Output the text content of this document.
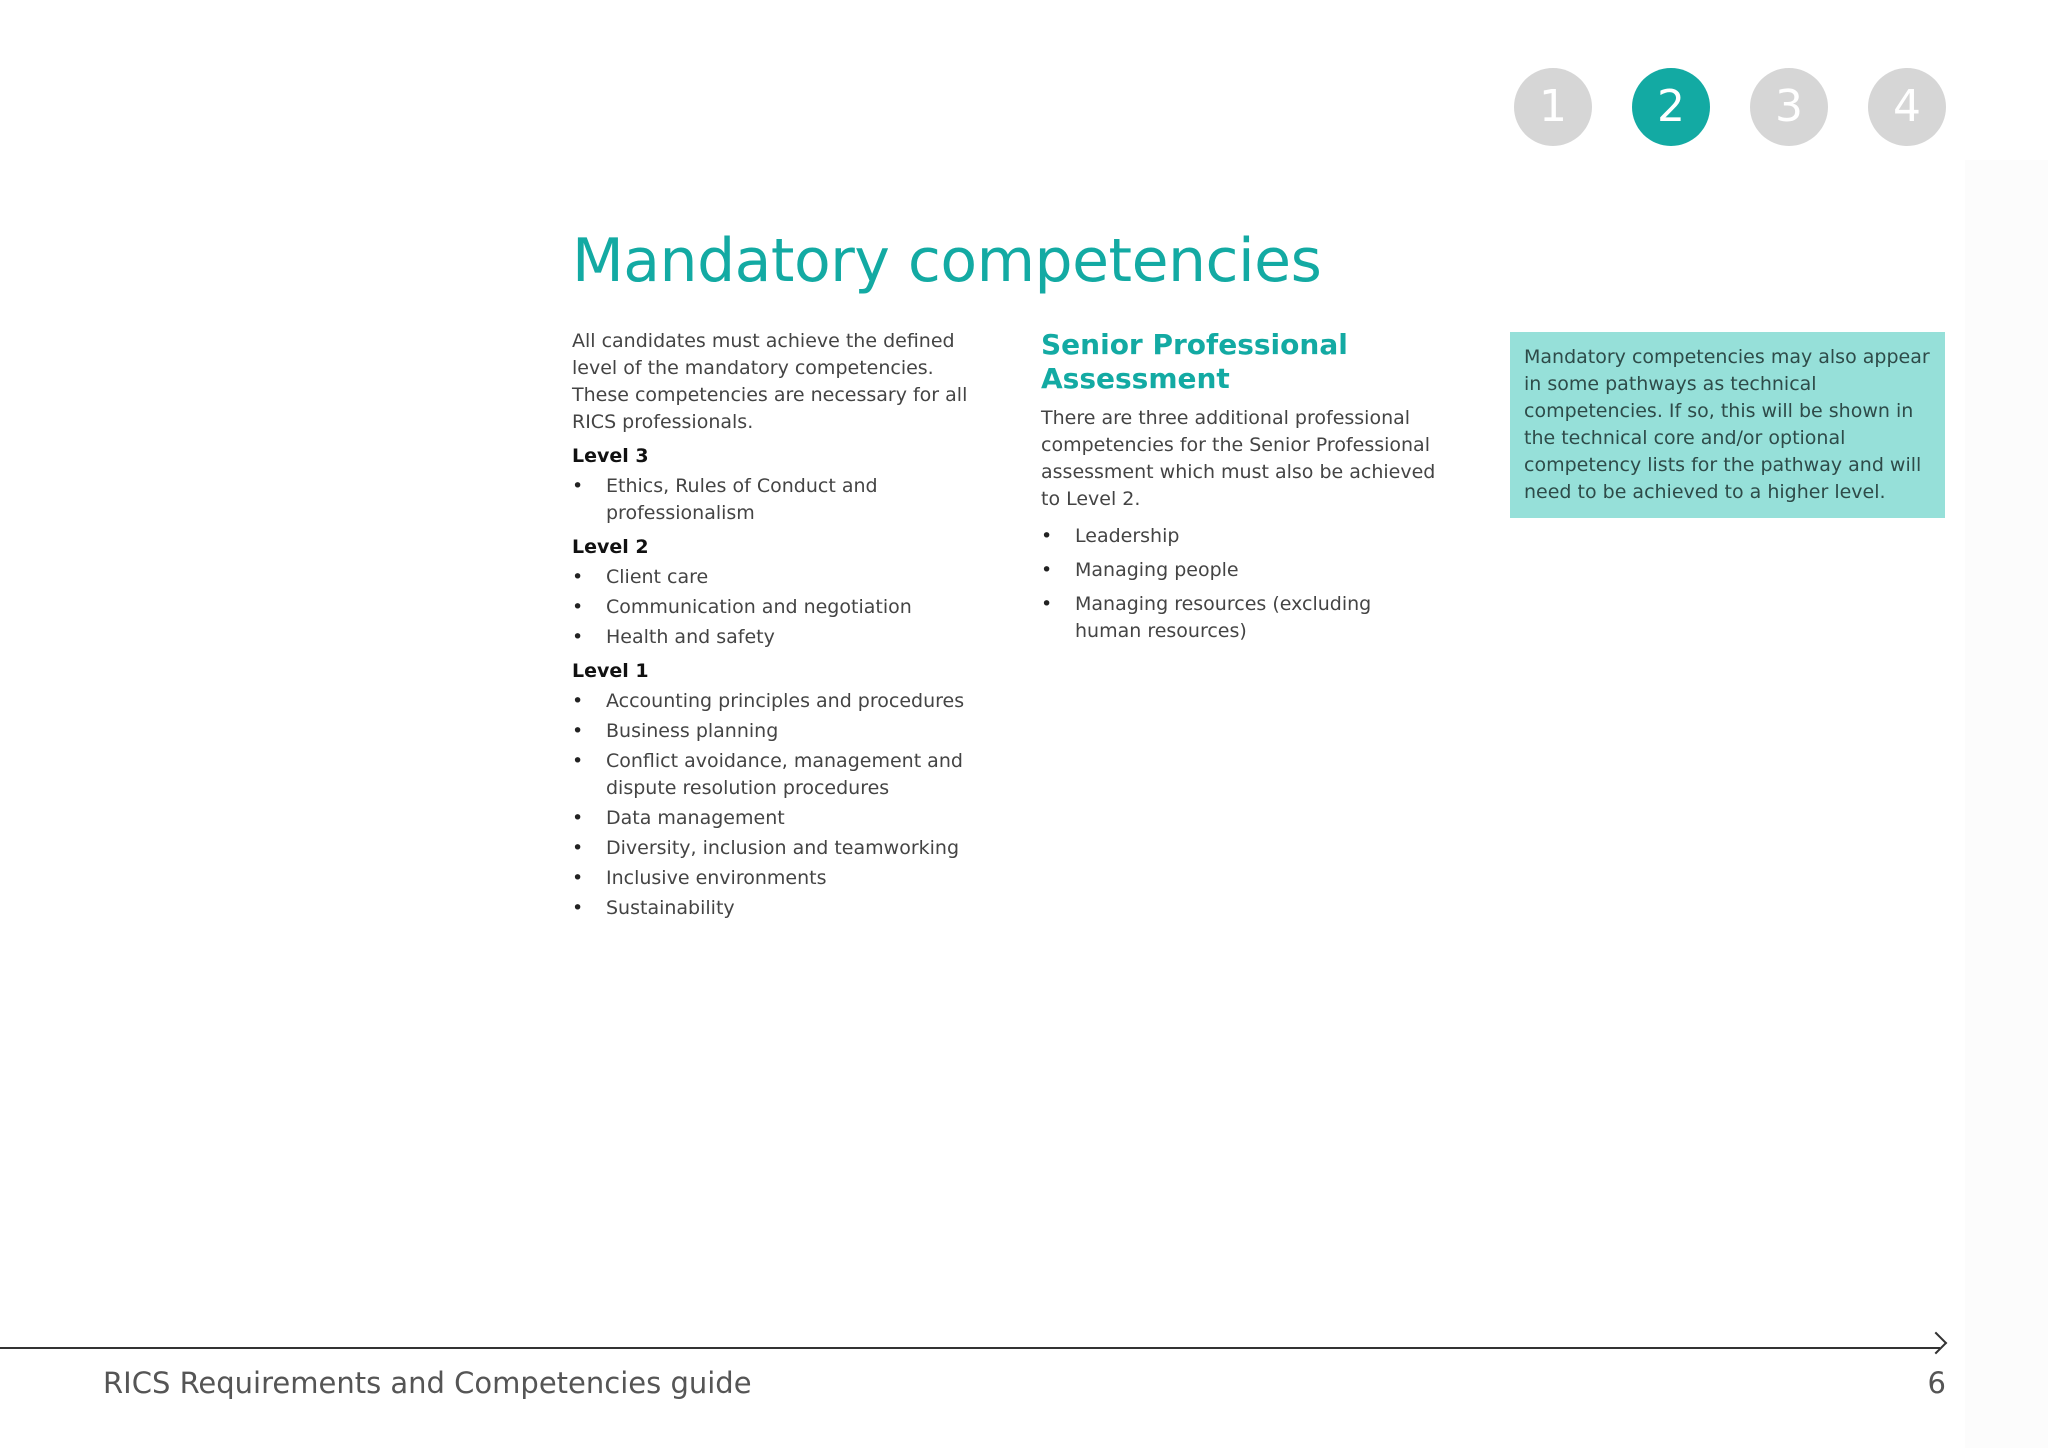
1	2	3	4
Mandatory competencies

All candidates must achieve the defined level of the mandatory competencies. These competencies are necessary for all RICS professionals.

Level 3

• Ethics, Rules of Conduct and professionalism

Level 2

• Client care
• Communication and negotiation
• Health and safety

Level 1

• Accounting principles and procedures
• Business planning
• Conflict avoidance, management and dispute resolution procedures
• Data management
• Diversity, inclusion and teamworking
• Inclusive environments
• Sustainability
Senior Professional Assessment

There are three additional professional competencies for the Senior Professional assessment which must also be achieved to Level 2.

• Leadership
• Managing people
• Managing resources (excluding human resources)
Mandatory competencies may also appear in some pathways as technical competencies. If so, this will be shown in the technical core and/or optional competency lists for the pathway and will need to be achieved to a higher level.
RICS Requirements and Competencies guide	6
